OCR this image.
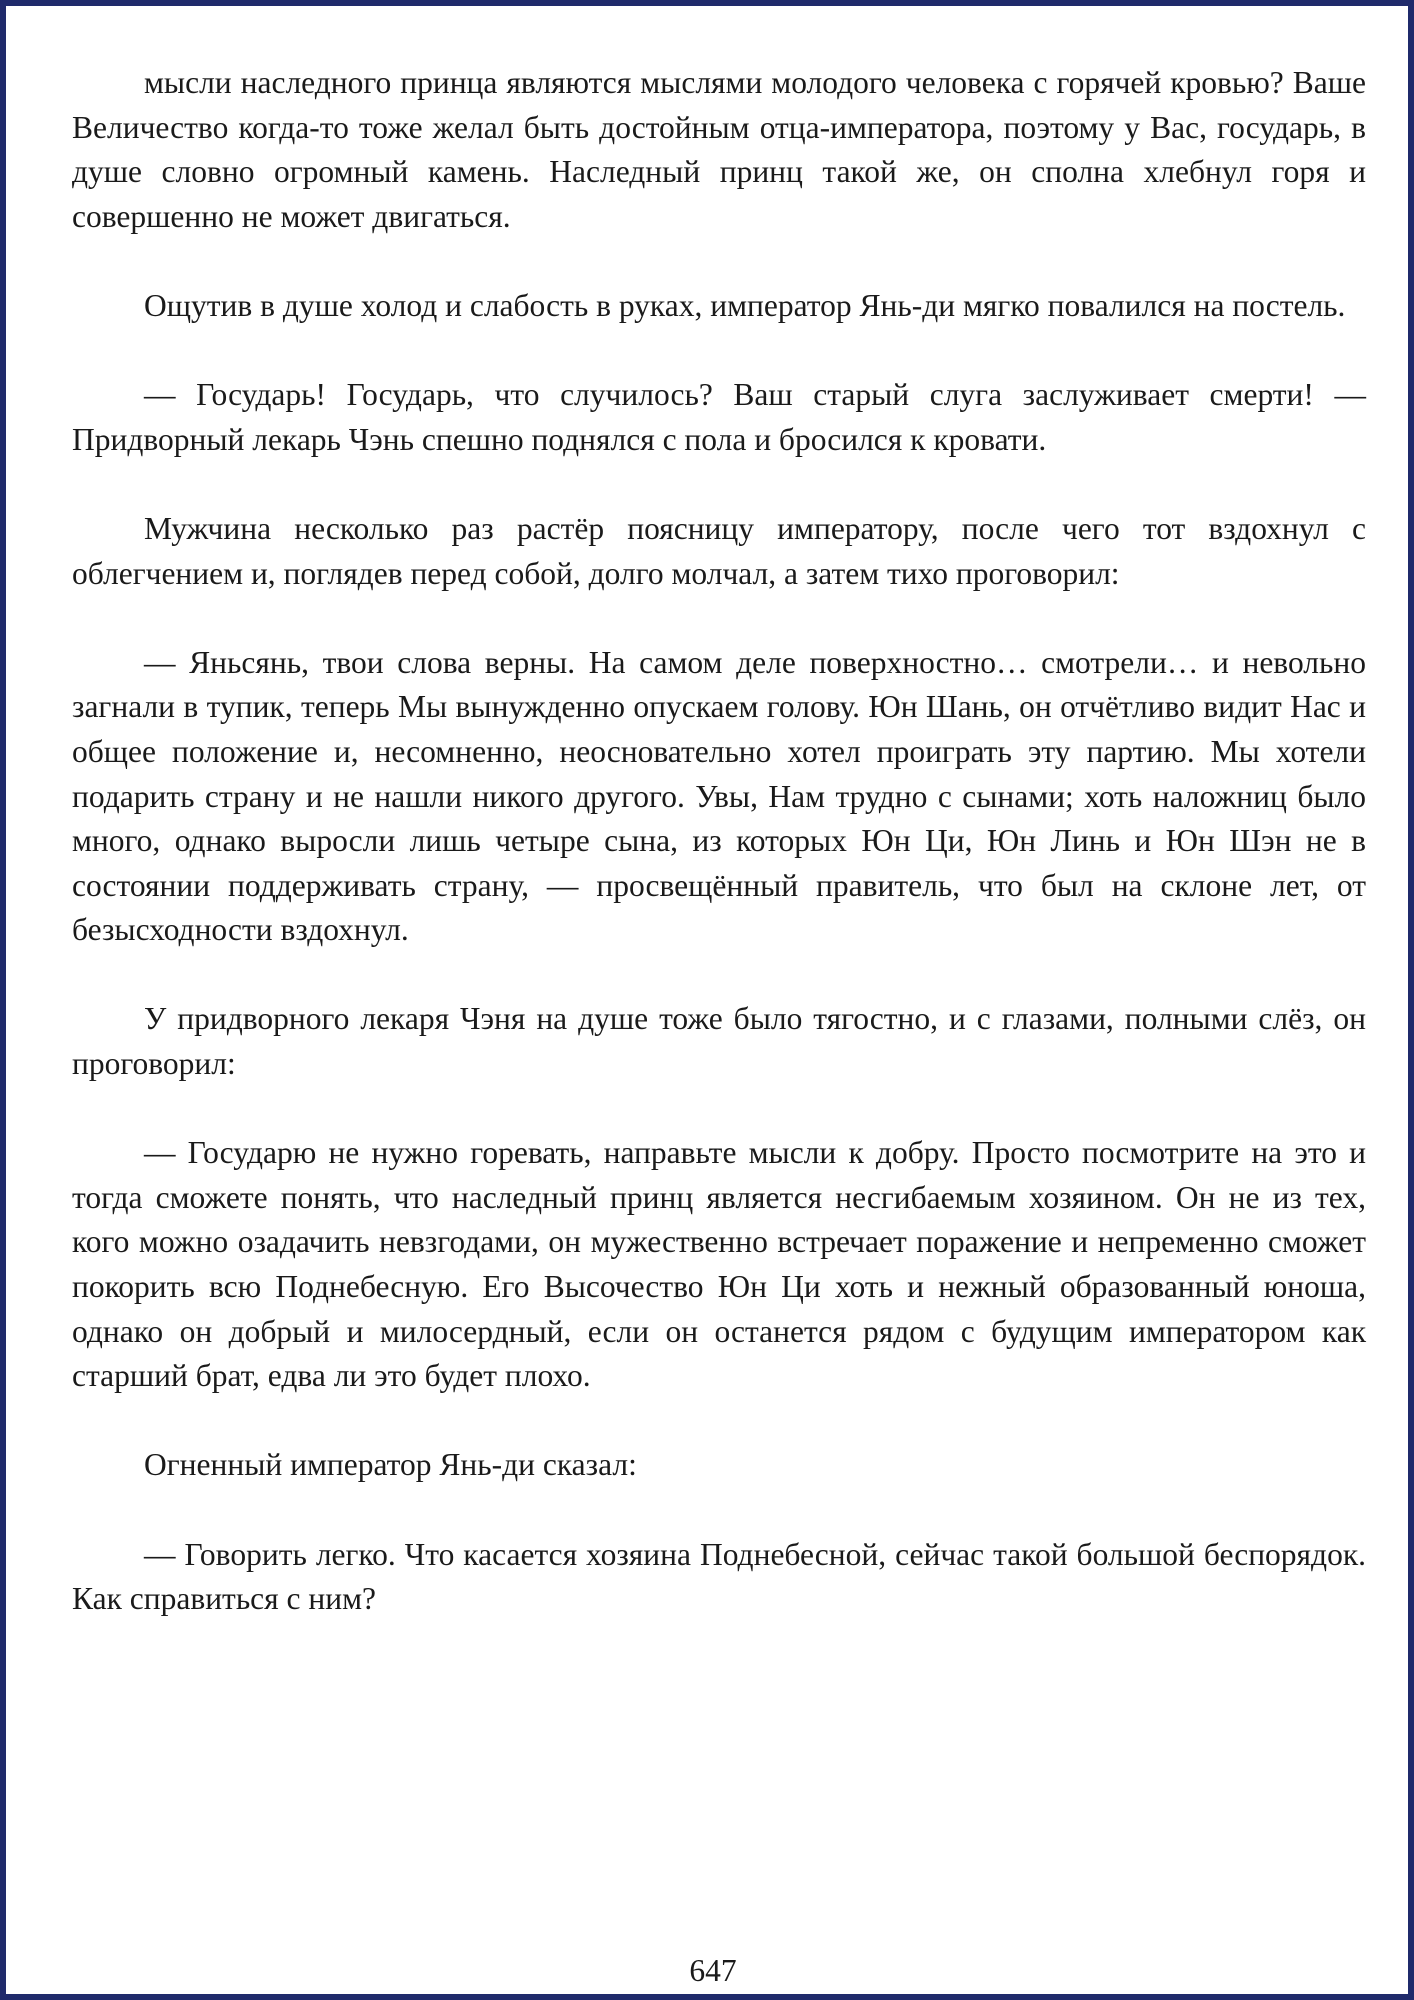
мысли наследного принца являются мыслями молодого человека с горячей кровью? Ваше Величество когда-то тоже желал быть достойным отца-императора, поэтому у Вас, государь, в душе словно огромный камень. Наследный принц такой же, он сполна хлебнул горя и совершенно не может двигаться.

Ощутив в душе холод и слабость в руках, император Янь-ди мягко повалился на постель.

— Государь! Государь, что случилось? Ваш старый слуга заслуживает смерти! — Придворный лекарь Чэнь спешно поднялся с пола и бросился к кровати.

Мужчина несколько раз растёр поясницу императору, после чего тот вздохнул с облегчением и, поглядев перед собой, долго молчал, а затем тихо проговорил:

— Яньсянь, твои слова верны. На самом деле поверхностно… смотрели… и невольно загнали в тупик, теперь Мы вынужденно опускаем голову. Юн Шань, он отчётливо видит Нас и общее положение и, несомненно, неосновательно хотел проиграть эту партию. Мы хотели подарить страну и не нашли никого другого. Увы, Нам трудно с сынами; хоть наложниц было много, однако выросли лишь четыре сына, из которых Юн Ци, Юн Линь и Юн Шэн не в состоянии поддерживать страну, — просвещённый правитель, что был на склоне лет, от безысходности вздохнул.

У придворного лекаря Чэня на душе тоже было тягостно, и с глазами, полными слёз, он проговорил:

— Государю не нужно горевать, направьте мысли к добру. Просто посмотрите на это и тогда сможете понять, что наследный принц является несгибаемым хозяином. Он не из тех, кого можно озадачить невзгодами, он мужественно встречает поражение и непременно сможет покорить всю Поднебесную. Его Высочество Юн Ци хоть и нежный образованный юноша, однако он добрый и милосердный, если он останется рядом с будущим императором как старший брат, едва ли это будет плохо.

Огненный император Янь-ди сказал:

— Говорить легко. Что касается хозяина Поднебесной, сейчас такой большой беспорядок. Как справиться с ним?

647
